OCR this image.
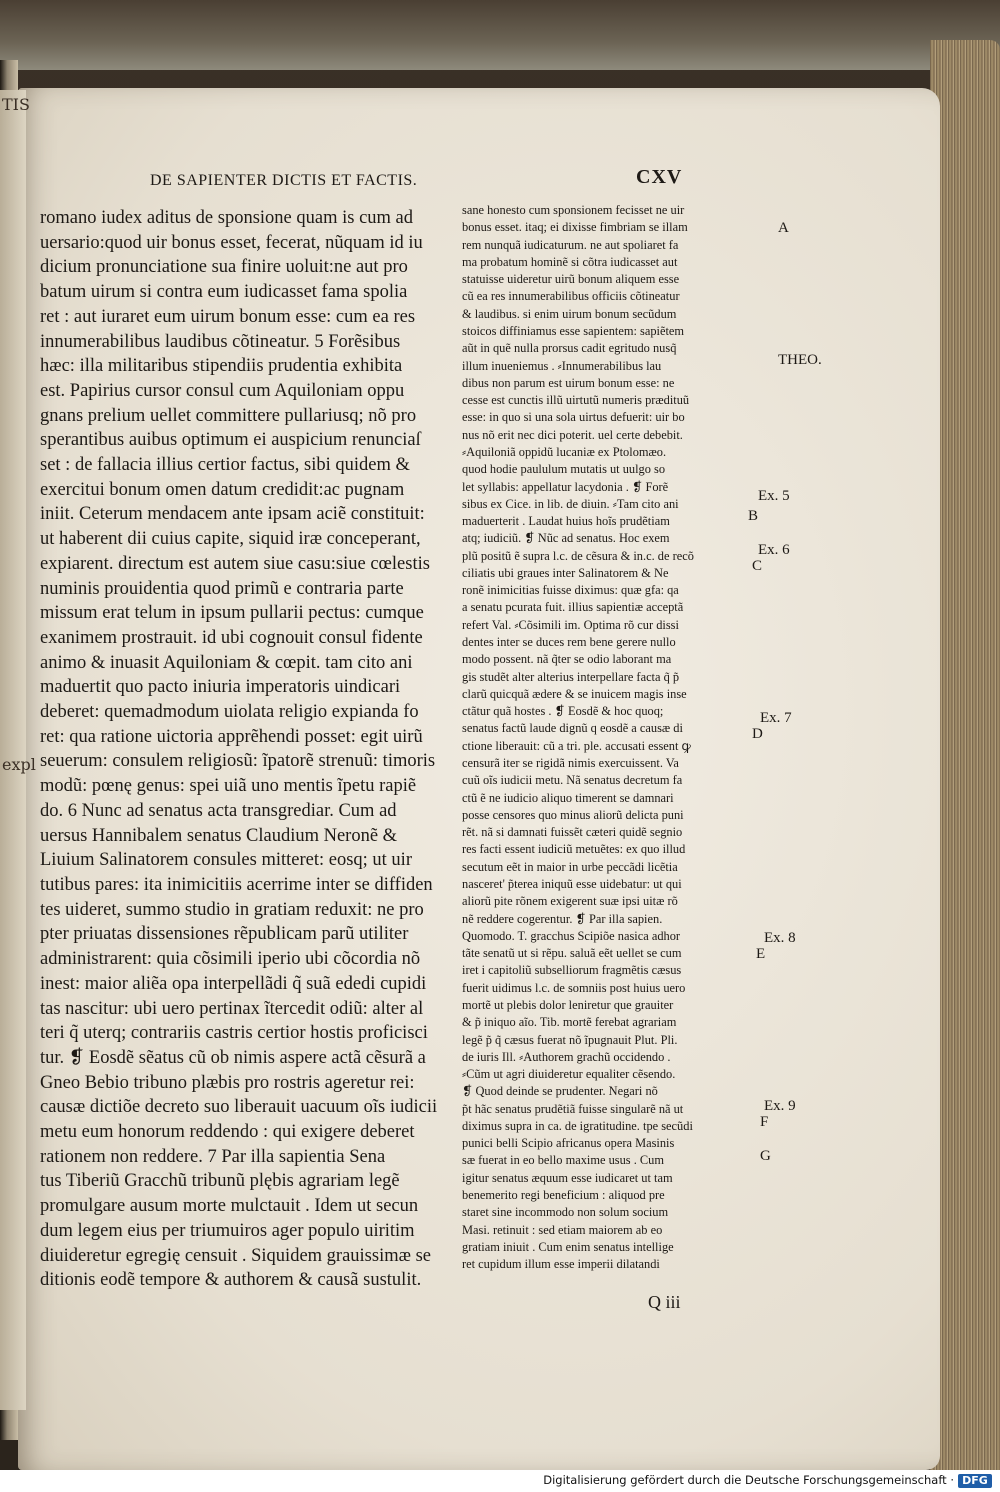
TIS

expl

DE SAPIENTER DICTIS ET FACTIS.	CXV
romano iudex aditus de sponsione quam is cum ad
uersario:quod uir bonus esset, fecerat, nũquam id iu
dicium pronunciatione sua finire uoluit:ne aut pro
batum uirum si contra eum iudicasset fama spolia
ret : aut iuraret eum uirum bonum esse: cum ea res
innumerabilibus laudibus cõtineatur. 5 Forẽsibus
hæc: illa militaribus stipendiis prudentia exhibita
est. Papirius cursor consul cum Aquiloniam oppu
gnans prelium uellet committere pullariusq; nõ pro
sperantibus auibus optimum ei auspicium renunciaſ
set : de fallacia illius certior factus, sibi quidem &
exercitui bonum omen datum credidit:ac pugnam
iniit. Ceterum mendacem ante ipsam aciẽ constituit:
ut haberent dii cuius capite, siquid iræ conceperant,
expiarent. directum est autem siue casu:siue cœlestis
numinis prouidentia quod primũ e contraria parte
missum erat telum in ipsum pullarii pectus: cumque
exanimem prostrauit. id ubi cognouit consul fidente
animo & inuasit Aquiloniam & cœpit. tam cito ani
maduertit quo pacto iniuria imperatoris uindicari
deberet: quemadmodum uiolata religio expianda fo
ret: qua ratione uictoria apprẽhendi posset: egit uirũ
seuerum: consulem religiosũ: ĩpatorẽ strenuũ: timoris
modũ: pœnę genus: spei uiã uno mentis ĩpetu rapiẽ
do. 6 Nunc ad senatus acta transgrediar. Cum ad
uersus Hannibalem senatus Claudium Neronẽ &
Liuium Salinatorem consules mitteret: eosq; ut uir
tutibus pares: ita inimicitiis acerrime inter se diffiden
tes uideret, summo studio in gratiam reduxit: ne pro
pter priuatas dissensiones rẽpublicam parũ utiliter
administrarent: quia cõsimili iperio ubi cõcordia nõ
inest: maior aliẽa opa interpellãdi q̃ suã ededi cupidi
tas nascitur: ubi uero pertinax ĩtercedit odiũ: alter al
teri q̃ uterq; contrariis castris certior hostis proficisci
tur. ❡ Eosdẽ sẽatus cũ ob nimis aspere actã cẽsurã a
Gneo Bebio tribuno plæbis pro rostris ageretur rei:
causæ dictiõe decreto suo liberauit uacuum oĩs iudicii
metu eum honorum reddendo : qui exigere deberet
rationem non reddere. 7 Par illa sapientia Sena
tus Tiberiũ Gracchũ tribunũ plębis agrariam legẽ
promulgare ausum morte mulctauit . Idem ut secun
dum legem eius per triumuiros ager populo uiritim
diuideretur egregię censuit . Siquidem grauissimæ se
ditionis eodẽ tempore & authorem & causã sustulit.
sane honesto cum sponsionem fecisset ne uir
bonus esset. itaq; ei dixisse fimbriam se illam
rem nunquã iudicaturum. ne aut spoliaret fa
ma probatum hominẽ si cõtra iudicasset aut
statuisse uideretur uirũ bonum aliquem esse
cũ ea res innumerabilibus officiis cõtineatur
& laudibus. si enim uirum bonum secũdum
stoicos diffiniamus esse sapientem: sapiẽtem
aũt in quẽ nulla prorsus cadit egritudo nusq̃
illum inueniemus . ⸗Innumerabilibus lau
dibus non parum est uirum bonum esse: ne
cesse est cunctis illũ uirtutũ numeris prædituũ
esse: in quo si una sola uirtus defuerit: uir bo
nus nõ erit nec dici poterit. uel certe debebit.
⸗Aquiloniã oppidũ lucaniæ ex Ptolomæo.
quod hodie paululum mutatis ut uulgo so
let syllabis: appellatur lacydonia . ❡ Forẽ
sibus ex Cice. in lib. de diuin. ⸗Tam cito ani
maduerterit . Laudat huius hoĩs prudẽtiam
atq; iudiciũ. ❡ Nũc ad senatus. Hoc exem
plũ positũ ẽ supra l.c. de cẽsura & in.c. de recõ
ciliatis ubi graues inter Salinatorem & Ne
ronẽ inimicitias fuisse diximus: quæ gfa: qa
a senatu pcurata fuit. illius sapientiæ acceptã
refert Val. ⸗Cõsimili im. Optima rõ cur dissi
dentes inter se duces rem bene gerere nullo
modo possent. nã q̃ter se odio laborant ma
gis studẽt alter alterius interpellare facta q̃ p̃
clarũ quicquã ædere & se inuicem magis inse
ctãtur quã hostes . ❡ Eosdẽ & hoc quoq;
senatus factũ laude dignũ q eosdẽ a causæ di
ctione liberauit: cũ a tri. ple. accusati essent ꝙ
censurã iter se rigidã nimis exercuissent. Va
cuũ oĩs iudicii metu. Nã senatus decretum fa
ctũ ẽ ne iudicio aliquo timerent se damnari
posse censores quo minus aliorũ delicta puni
rẽt. nã si damnati fuissẽt cæteri quidẽ segnio
res facti essent iudiciũ metuẽtes: ex quo illud
secutum eẽt in maior in urbe peccãdi licẽtia
nasceret' p̃terea iniquũ esse uidebatur: ut qui
aliorũ pite rõnem exigerent suæ ipsi uitæ rõ
nẽ reddere cogerentur. ❡ Par illa sapien.
Quomodo. T. gracchus Scipiõe nasica adhor
tãte senatũ ut si rẽpu. saluã eẽt uellet se cum
iret i capitoliũ subselliorum fragmẽtis cæsus
fuerit uidimus l.c. de somniis post huius uero
mortẽ ut plebis dolor leniretur que grauiter
& p̃ iniquo aĩo. Tib. mortẽ ferebat agrariam
legẽ p̃ q̃ cæsus fuerat nõ ĩpugnauit Plut. Pli.
de iuris Ill. ⸗Authorem grachũ occidendo .
⸗Cũm ut agri diuideretur equaliter cẽsendo.
❡ Quod deinde se prudenter. Negari nõ
p̃t hãc senatus prudẽtiã fuisse singularẽ nã ut
diximus supra in ca. de igratitudine. tpe secũdi
punici belli Scipio africanus opera Masinis
sæ fuerat in eo bello maxime usus . Cum
igitur senatus æquum esse iudicaret ut tam
benemerito regi beneficium : aliquod pre
staret sine incommodo non solum socium
Masi. retinuit : sed etiam maiorem ab eo
gratiam iniuit . Cum enim senatus intellige
ret cupidum illum esse imperii dilatandi
A
THEO.
Ex. 5
B
Ex. 6
C
Ex. 7
D
Ex. 8
E
Ex. 9
F
G
Q iii
Digitalisierung gefördert durch die Deutsche Forschungsgemeinschaft · DFG
